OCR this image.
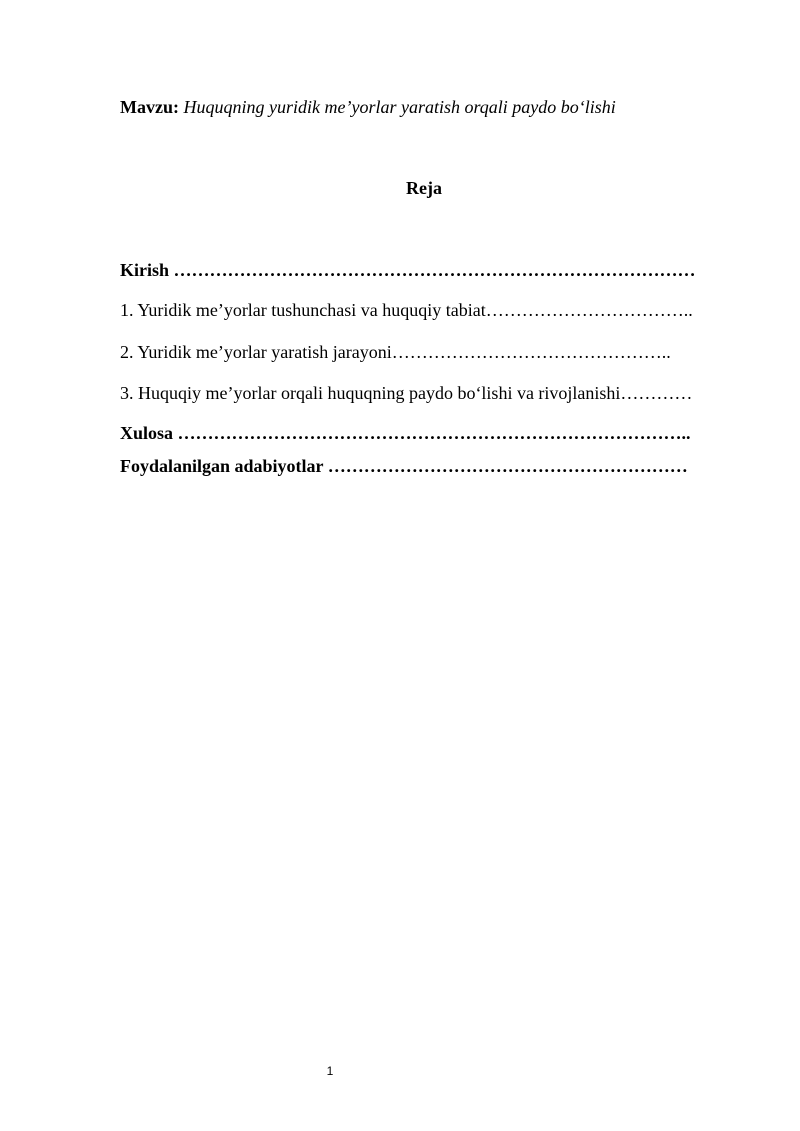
Mavzu: Huquqning yuridik me’yorlar yaratish orqali paydo bo‘lishi
Reja
Kirish ……………………………………………………………………………
1. Yuridik me’yorlar tushunchasi va huquqiy tabiat……………………………..
2. Yuridik me’yorlar yaratish jarayoni………………………………………..
3. Huquqiy me’yorlar orqali huquqning paydo bo‘lishi va rivojlanishi…………
Xulosa …………………………………………………………………………..
Foydalanilgan adabiyotlar ……………………………………………………
1
